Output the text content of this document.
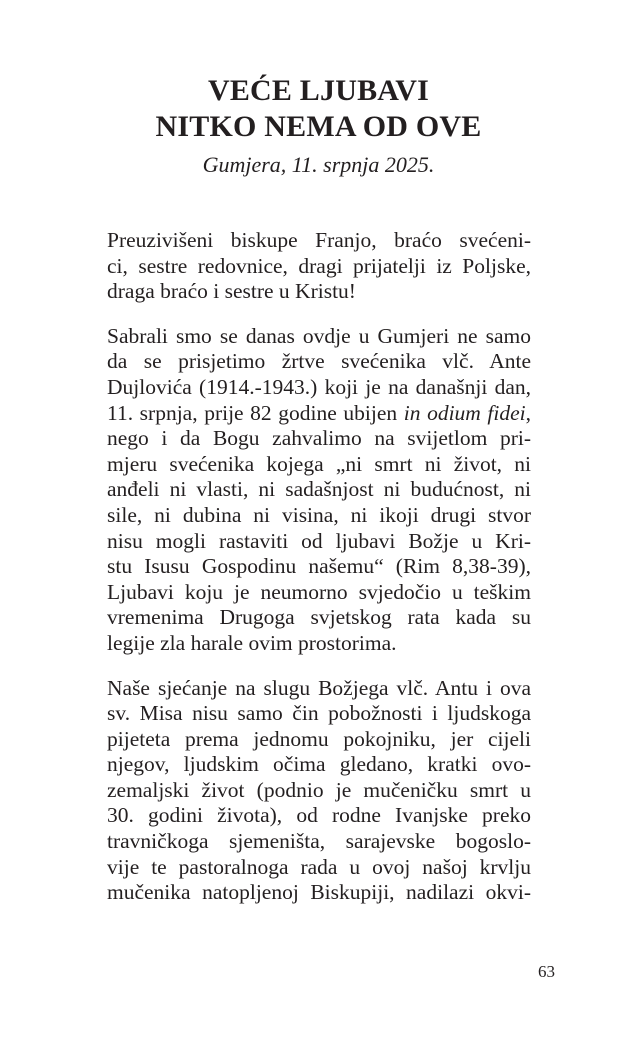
VEĆE LJUBAVI
NITKO NEMA OD OVE
Gumjera, 11. srpnja 2025.
Preuzivišeni biskupe Franjo, braćo svećeni-
ci, sestre redovnice, dragi prijatelji iz Poljske,
draga braćo i sestre u Kristu!
Sabrali smo se danas ovdje u Gumjeri ne samo
da se prisjetimo žrtve svećenika vlč. Ante
Dujlovića (1914.-1943.) koji je na današnji dan,
11. srpnja, prije 82 godine ubijen in odium fidei,
nego i da Bogu zahvalimo na svijetlom pri-
mjeru svećenika kojega „ni smrt ni život, ni
anđeli ni vlasti, ni sadašnjost ni budućnost, ni
sile, ni dubina ni visina, ni ikoji drugi stvor
nisu mogli rastaviti od ljubavi Božje u Kri-
stu Isusu Gospodinu našemu“ (Rim 8,38-39),
Ljubavi koju je neumorno svjedočio u teškim
vremenima Drugoga svjetskog rata kada su
legije zla harale ovim prostorima.
Naše sjećanje na slugu Božjega vlč. Antu i ova
sv. Misa nisu samo čin pobožnosti i ljudskoga
pijeteta prema jednomu pokojniku, jer cijeli
njegov, ljudskim očima gledano, kratki ovo-
zemaljski život (podnio je mučeničku smrt u
30. godini života), od rodne Ivanjske preko
travničkoga sjemeništa, sarajevske bogoslo-
vije te pastoralnoga rada u ovoj našoj krvlju
mučenika natopljenoj Biskupiji, nadilazi okvi-
63
